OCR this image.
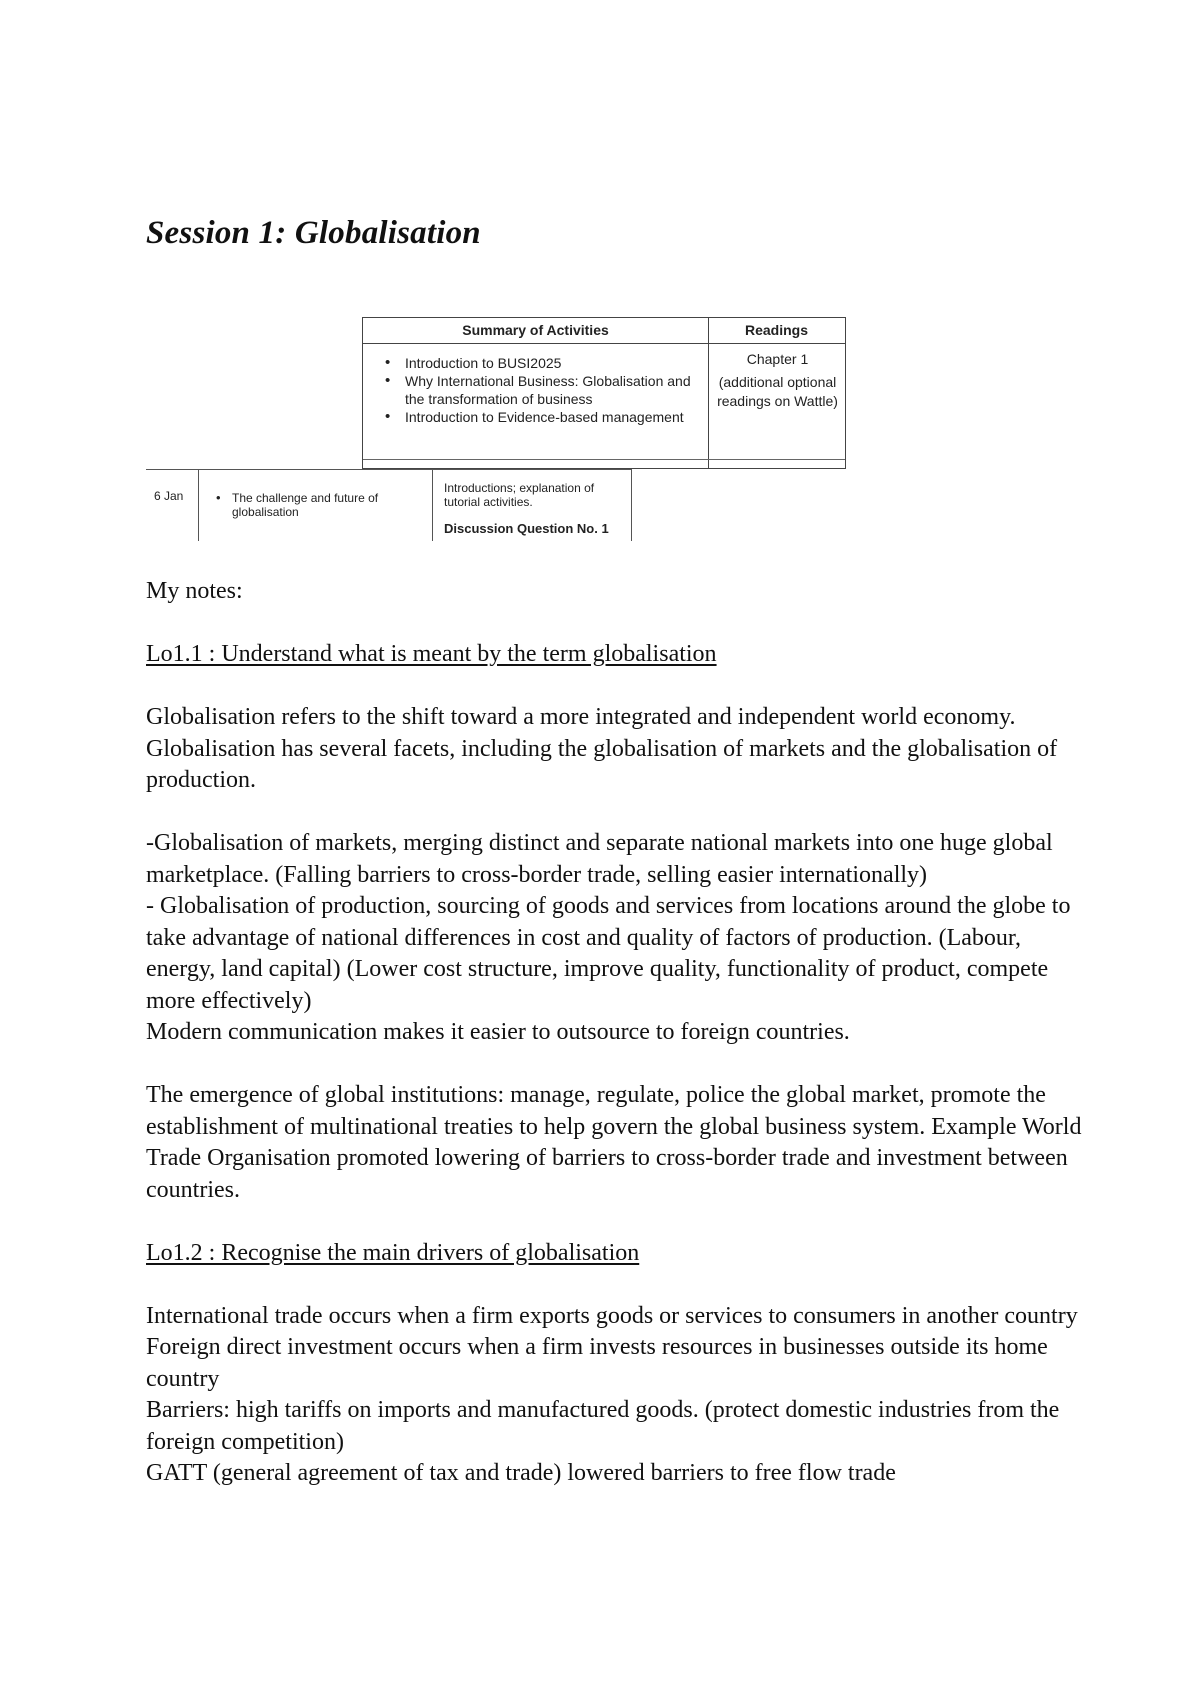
Session 1: Globalisation
Summary of Activities	Readings
• Introduction to BUSI2025
• Why International Business: Globalisation and the transformation of business
• Introduction to Evidence-based management
Chapter 1
(additional optional readings on Wattle)
6 Jan
•	The challenge and future of globalisation
Introductions; explanation of tutorial activities.
Discussion Question No. 1

My notes:

Lo1.1 : Understand what is meant by the term globalisation

Globalisation refers to the shift toward a more integrated and independent world economy. Globalisation has several facets, including the globalisation of markets and the globalisation of production.

-Globalisation of markets, merging distinct and separate national markets into one huge global marketplace. (Falling barriers to cross-border trade, selling easier internationally)

- Globalisation of production, sourcing of goods and services from locations around the globe to take advantage of national differences in cost and quality of factors of production. (Labour, energy, land capital) (Lower cost structure, improve quality, functionality of product, compete more effectively)

Modern communication makes it easier to outsource to foreign countries.

The emergence of global institutions: manage, regulate, police the global market, promote the establishment of multinational treaties to help govern the global business system. Example World Trade Organisation promoted lowering of barriers to cross-border trade and investment between countries.

Lo1.2 : Recognise the main drivers of globalisation

International trade occurs when a firm exports goods or services to consumers in another country

Foreign direct investment occurs when a firm invests resources in businesses outside its home country

Barriers: high tariffs on imports and manufactured goods. (protect domestic industries from the foreign competition)

GATT (general agreement of tax and trade) lowered barriers to free flow trade
